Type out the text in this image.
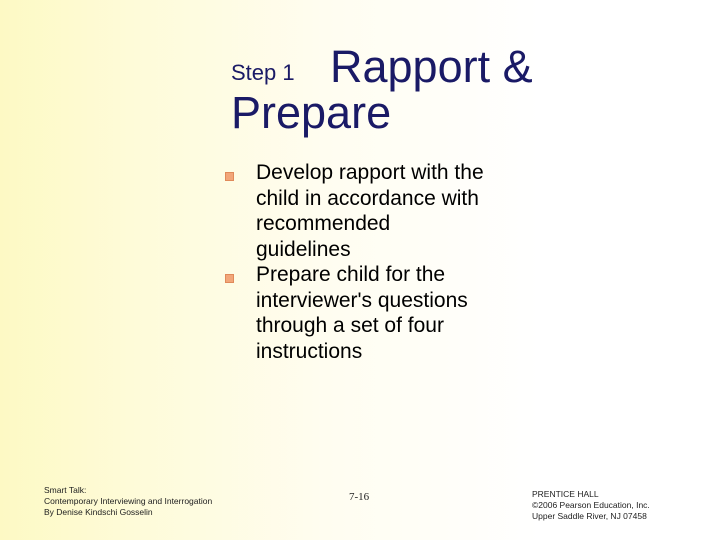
Step 1 Rapport &
Prepare
Develop rapport with the child in accordance with recommended guidelines
Prepare child for the interviewer's questions through a set of four instructions
Smart Talk:
Contemporary Interviewing and Interrogation
By Denise Kindschi Gosselin
7-16	PRENTICE HALL
©2006 Pearson Education, Inc.
Upper Saddle River, NJ 07458
